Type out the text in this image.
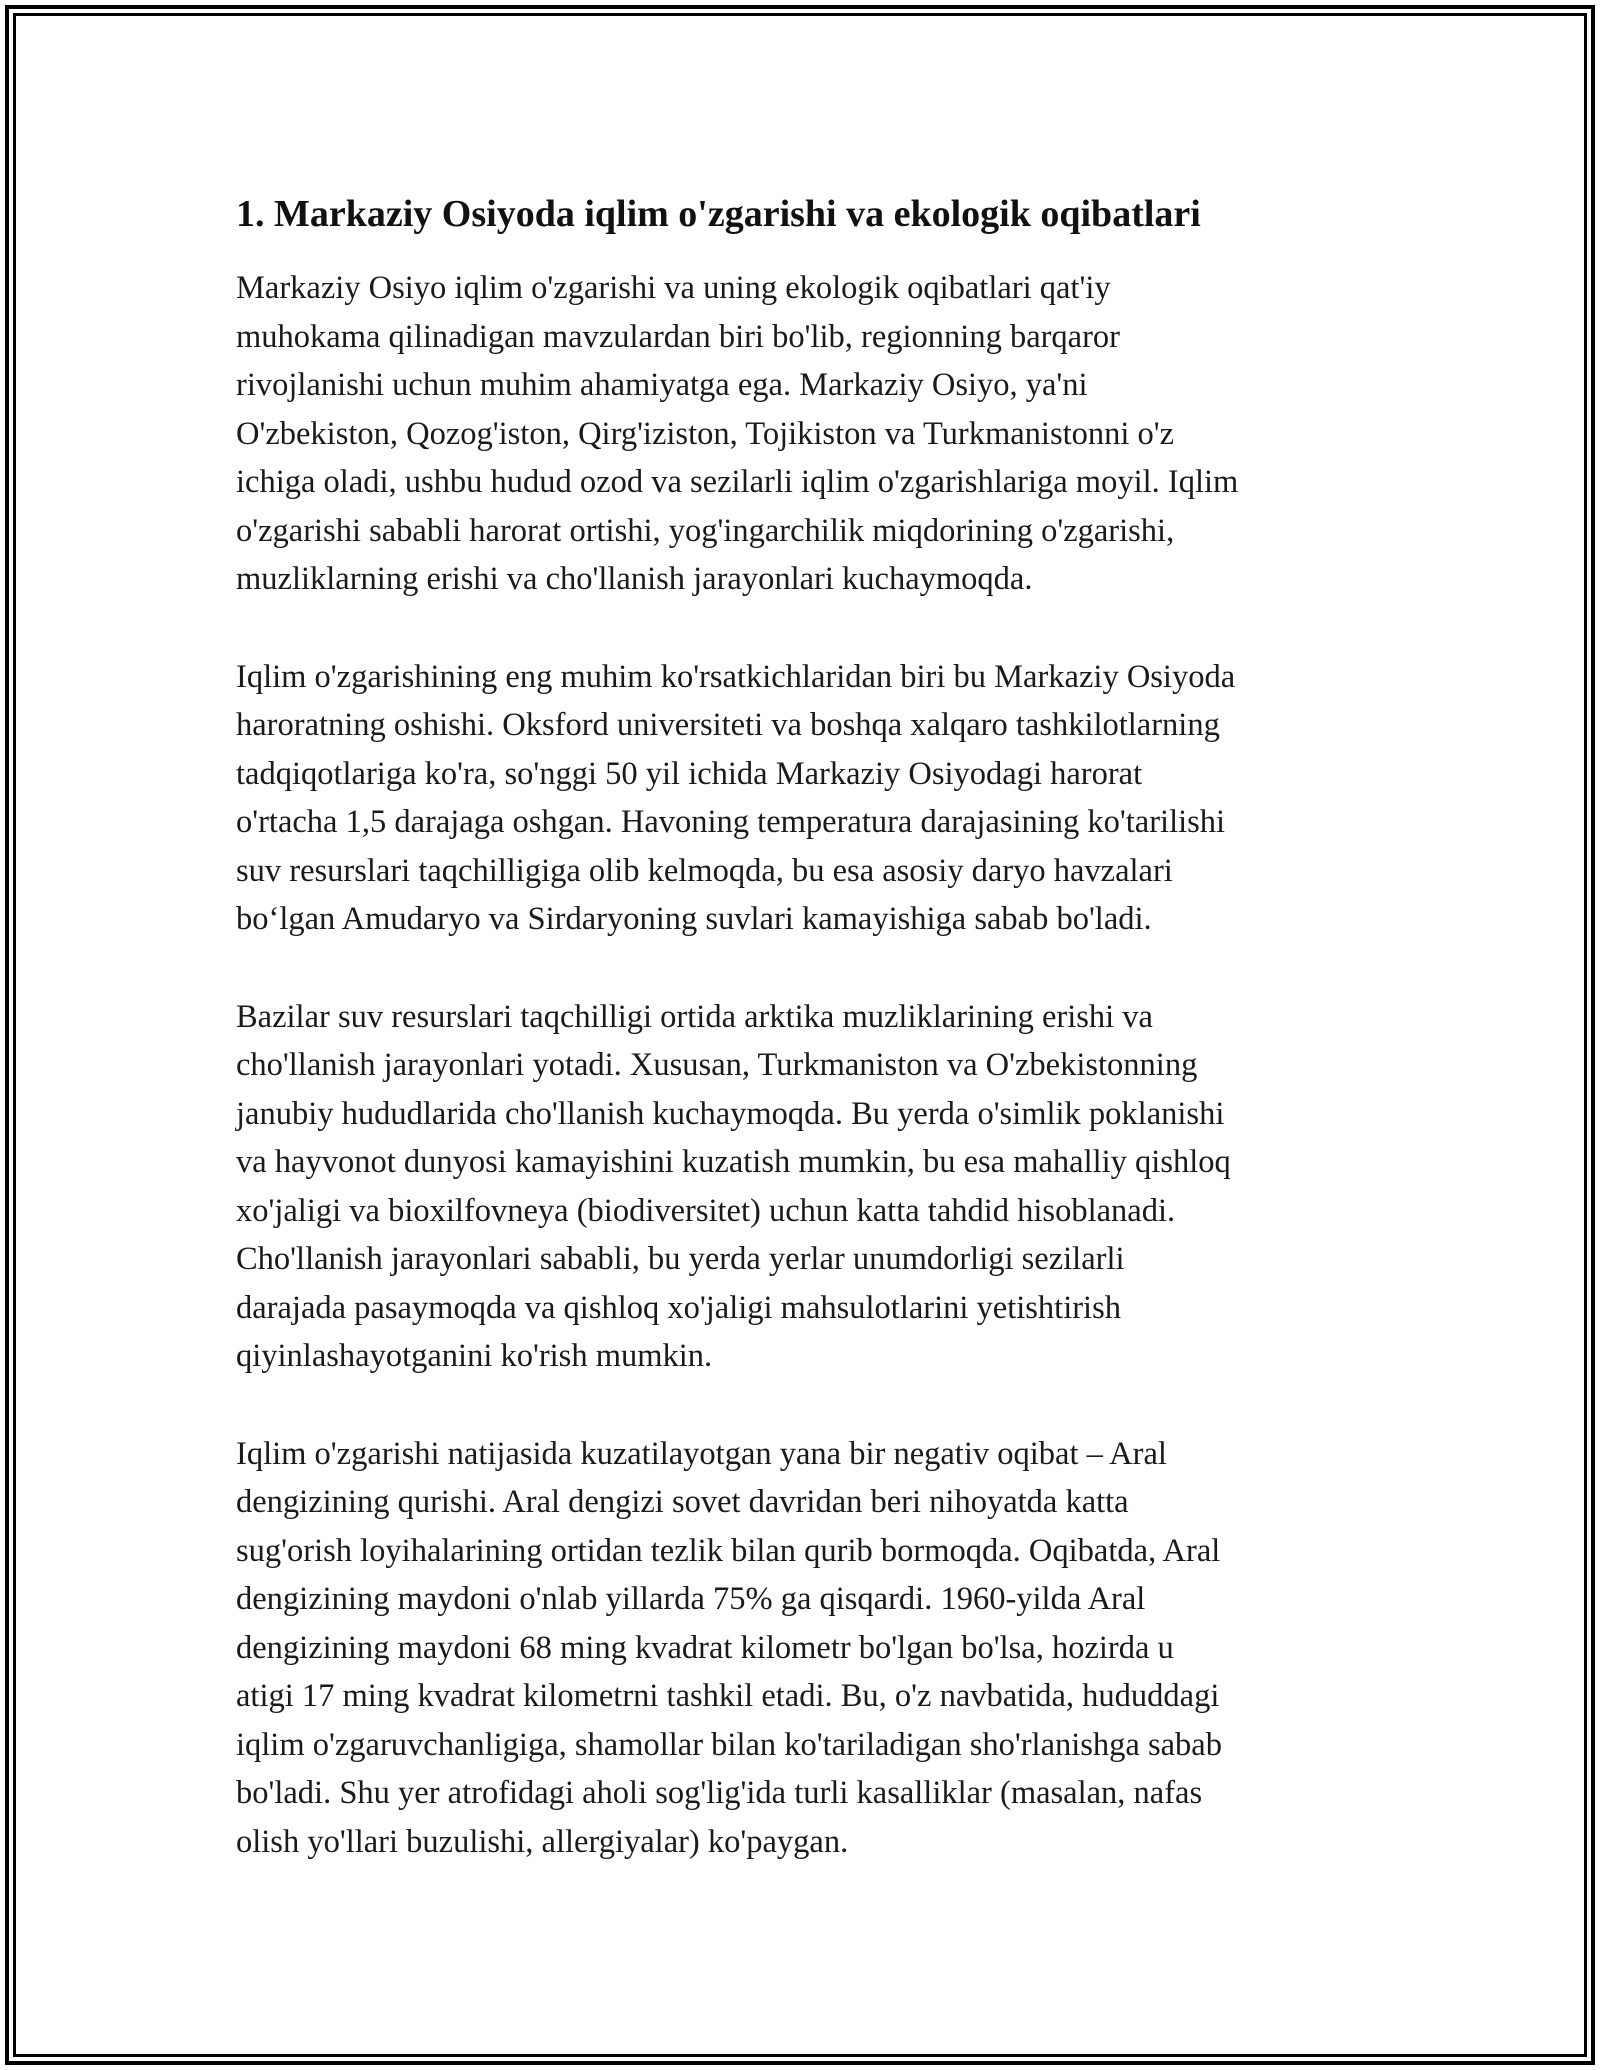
1. Markaziy Osiyoda iqlim o'zgarishi va ekologik oqibatlari

Markaziy Osiyo iqlim o'zgarishi va uning ekologik oqibatlari qat'iy
muhokama qilinadigan mavzulardan biri bo'lib, regionning barqaror
rivojlanishi uchun muhim ahamiyatga ega. Markaziy Osiyo, ya'ni
O'zbekiston, Qozog'iston, Qirg'iziston, Tojikiston va Turkmanistonni o'z
ichiga oladi, ushbu hudud ozod va sezilarli iqlim o'zgarishlariga moyil. Iqlim
o'zgarishi sababli harorat ortishi, yog'ingarchilik miqdorining o'zgarishi,
muzliklarning erishi va cho'llanish jarayonlari kuchaymoqda.

Iqlim o'zgarishining eng muhim ko'rsatkichlaridan biri bu Markaziy Osiyoda
haroratning oshishi. Oksford universiteti va boshqa xalqaro tashkilotlarning
tadqiqotlariga ko'ra, so'nggi 50 yil ichida Markaziy Osiyodagi harorat
o'rtacha 1,5 darajaga oshgan. Havoning temperatura darajasining ko'tarilishi
suv resurslari taqchilligiga olib kelmoqda, bu esa asosiy daryo havzalari
bo‘lgan Amudaryo va Sirdaryoning suvlari kamayishiga sabab bo'ladi.

Bazilar suv resurslari taqchilligi ortida arktika muzliklarining erishi va
cho'llanish jarayonlari yotadi. Xususan, Turkmaniston va O'zbekistonning
janubiy hududlarida cho'llanish kuchaymoqda. Bu yerda o'simlik poklanishi
va hayvonot dunyosi kamayishini kuzatish mumkin, bu esa mahalliy qishloq
xo'jaligi va bioxilfovneya (biodiversitet) uchun katta tahdid hisoblanadi.
Cho'llanish jarayonlari sababli, bu yerda yerlar unumdorligi sezilarli
darajada pasaymoqda va qishloq xo'jaligi mahsulotlarini yetishtirish
qiyinlashayotganini ko'rish mumkin.

Iqlim o'zgarishi natijasida kuzatilayotgan yana bir negativ oqibat – Aral
dengizining qurishi. Aral dengizi sovet davridan beri nihoyatda katta
sug'orish loyihalarining ortidan tezlik bilan qurib bormoqda. Oqibatda, Aral
dengizining maydoni o'nlab yillarda 75% ga qisqardi. 1960-yilda Aral
dengizining maydoni 68 ming kvadrat kilometr bo'lgan bo'lsa, hozirda u
atigi 17 ming kvadrat kilometrni tashkil etadi. Bu, o'z navbatida, hududdagi
iqlim o'zgaruvchanligiga, shamollar bilan ko'tariladigan sho'rlanishga sabab
bo'ladi. Shu yer atrofidagi aholi sog'lig'ida turli kasalliklar (masalan, nafas
olish yo'llari buzulishi, allergiyalar) ko'paygan.
